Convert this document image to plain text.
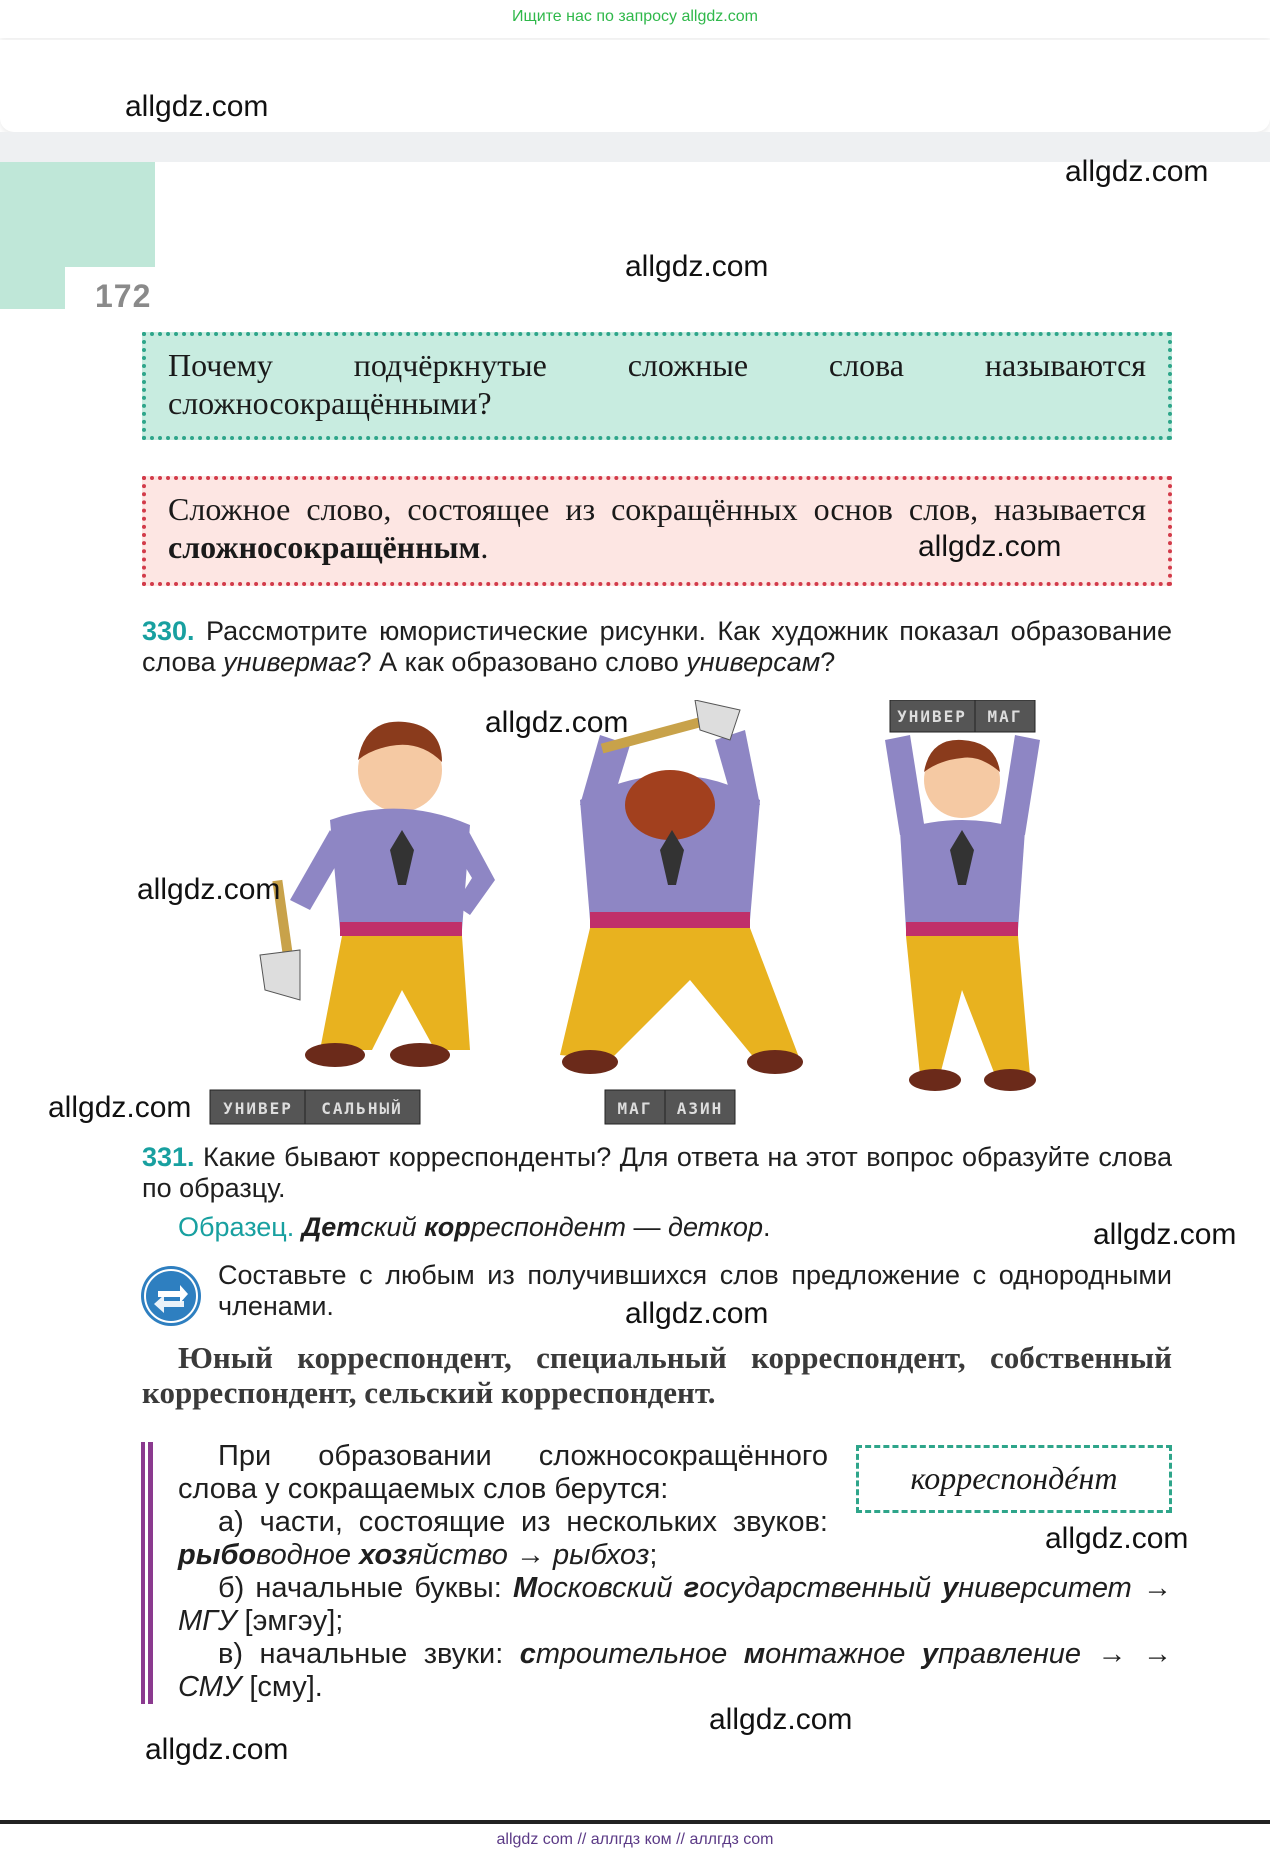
Ищите нас по запросу allgdz.com
172
Почему подчёркнутые сложные слова называются сложносокращёнными?
Сложное слово, состоящее из сокращённых основ слов, называется сложносокращённым.
330. Рассмотрите юмористические рисунки. Как художник показал образование слова универмаг? А как образовано слово универсам?
УНИВЕР САЛЬНЫЙ	МАГ АЗИН
УНИВЕР МАГ
331. Какие бывают корреспонденты? Для ответа на этот вопрос образуйте слова по образцу.
Образец. Детский корреспондент — деткор.
Составьте с любым из получившихся слов предложение с однородными членами.
Юный корреспондент, специальный корреспондент, собственный корреспондент, сельский корреспондент.
При образовании сложносокращённого слова у сокращаемых слов берутся:	корреспондéнт
а) части, состоящие из нескольких звуков: рыбоводное хозяйство → рыбхоз;
б) начальные буквы: Московский государственный университет → МГУ [эмгэу];
в) начальные звуки: строительное монтажное управление → → СМУ [сму].
allgdz.com
allgdz.com
allgdz.com
allgdz.com
allgdz.com
allgdz.com
allgdz.com
allgdz.com
allgdz.com
allgdz.com
allgdz.com
allgdz.com
allgdz com // аллгдз ком // аллгдз com
